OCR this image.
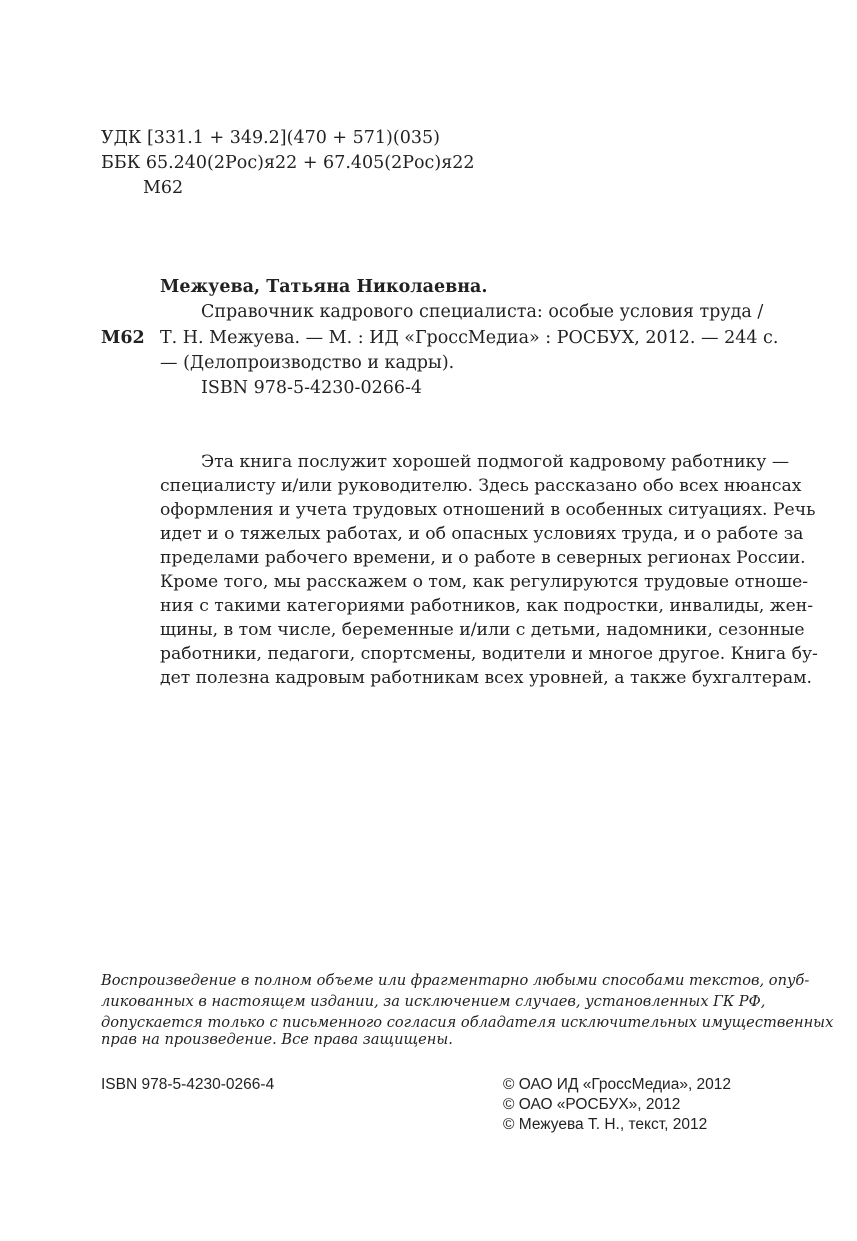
УДК [331.1 + 349.2](470 + 571)(035)
ББК 65.240(2Рос)я22 + 67.405(2Рос)я22
М62
Межуева, Татьяна Николаевна.
М62
Справочник кадрового специалиста: особые условия труда /
Т. Н. Межуева. — М. : ИД «ГроссМедиа» : РОСБУХ, 2012. — 244 с.
— (Делопроизводство и кадры).
ISBN 978-5-4230-0266-4
Эта книга послужит хорошей подмогой кадровому работнику —
специалисту и/или руководителю. Здесь рассказано обо всех нюансах
оформления и учета трудовых отношений в особенных ситуациях. Речь
идет и о тяжелых работах, и об опасных условиях труда, и о работе за
пределами рабочего времени, и о работе в северных регионах России.
Кроме того, мы расскажем о том, как регулируются трудовые отноше-
ния с такими категориями работников, как подростки, инвалиды, жен-
щины, в том числе, беременные и/или с детьми, надомники, сезонные
работники, педагоги, спортсмены, водители и многое другое. Книга бу-
дет полезна кадровым работникам всех уровней, а также бухгалтерам.
Воспроизведение в полном объеме или фрагментарно любыми способами текстов, опуб-
ликованных в настоящем издании, за исключением случаев, установленных ГК РФ,
допускается только с письменного согласия обладателя исключительных имущественных
прав на произведение. Все права защищены.
ISBN 978-5-4230-0266-4	© ОАО ИД «ГроссМедиа», 2012
© ОАО «РОСБУХ», 2012
© Межуева Т. Н., текст, 2012
